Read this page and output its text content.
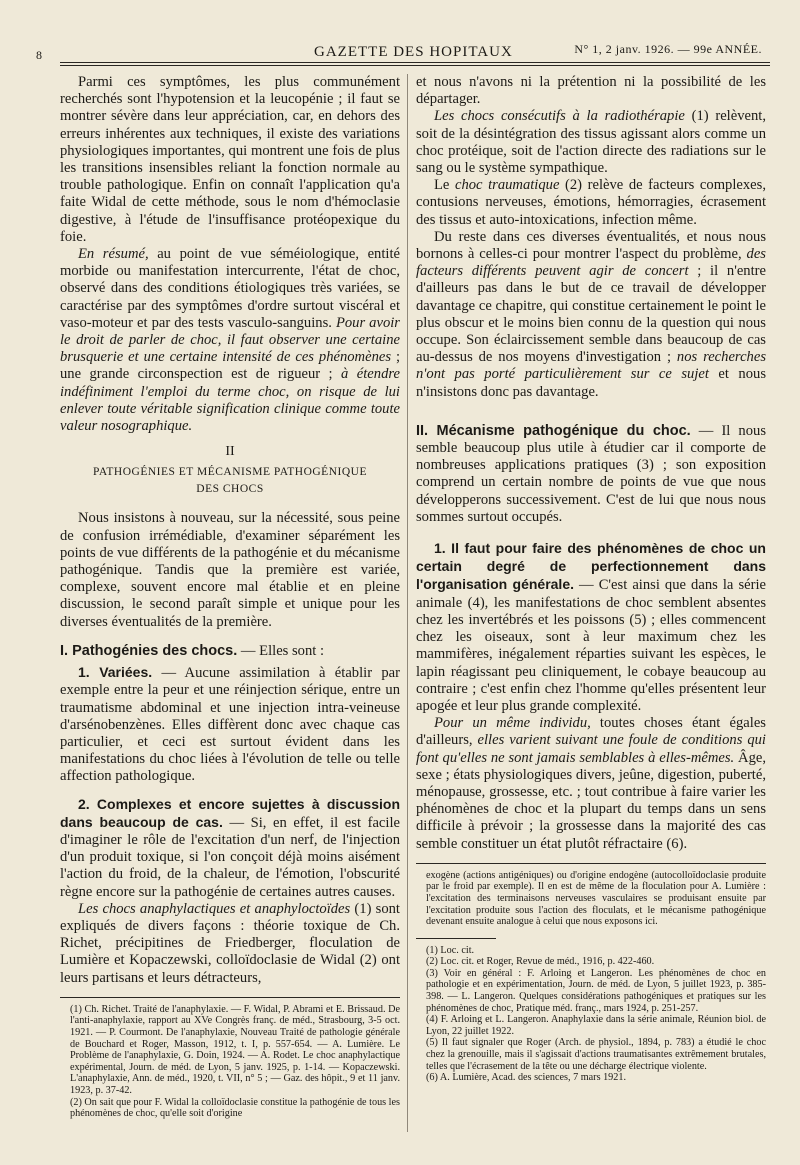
8	GAZETTE DES HOPITAUX	N° 1, 2 janv. 1926. — 99e ANNÉE.

Parmi ces symptômes, les plus communément recherchés sont l'hypotension et la leucopénie ; il faut se montrer sévère dans leur appréciation, car, en dehors des erreurs inhérentes aux techniques, il existe des variations physiologiques importantes, qui montrent une fois de plus les transitions insensibles reliant la fonction normale au trouble pathologique. Enfin on connaît l'application qu'a faite Widal de cette méthode, sous le nom d'hémoclasie digestive, à l'étude de l'insuffisance protéopexique du foie.

En résumé, au point de vue séméiologique, entité morbide ou manifestation intercurrente, l'état de choc, observé dans des conditions étiologiques très variées, se caractérise par des symptômes d'ordre surtout viscéral et vaso-moteur et par des tests vasculo-sanguins. Pour avoir le droit de parler de choc, il faut observer une certaine brusquerie et une certaine intensité de ces phénomènes ; une grande circonspection est de rigueur ; à étendre indéfiniment l'emploi du terme choc, on risque de lui enlever toute véritable signification clinique comme toute valeur nosographique.

II

PATHOGÉNIES ET MÉCANISME PATHOGÉNIQUE
DES CHOCS

Nous insistons à nouveau, sur la nécessité, sous peine de confusion irrémédiable, d'examiner séparément les points de vue différents de la pathogénie et du mécanisme pathogénique. Tandis que la première est variée, complexe, souvent encore mal établie et en pleine discussion, le second paraît simple et unique pour les diverses éventualités de la première.

I. Pathogénies des chocs. — Elles sont :

1. Variées. — Aucune assimilation à établir par exemple entre la peur et une réinjection sérique, entre un traumatisme abdominal et une injection intra-veineuse d'arsénobenzènes. Elles diffèrent donc avec chaque cas particulier, et ceci est surtout évident dans les manifestations du choc liées à l'évolution de telle ou telle affection pathologique.

2. Complexes et encore sujettes à discussion dans beaucoup de cas. — Si, en effet, il est facile d'imaginer le rôle de l'excitation d'un nerf, de l'injection d'un produit toxique, si l'on conçoit déjà moins aisément l'action du froid, de la chaleur, de l'émotion, l'obscurité règne encore sur la pathogénie de certaines autres causes.

Les chocs anaphylactiques et anaphyloctoïdes (1) sont expliqués de divers façons : théorie toxique de Ch. Richet, précipitines de Friedberger, floculation de Lumière et Kopaczewski, colloïdoclasie de Widal (2) ont leurs partisans et leurs détracteurs,

(1) Ch. Richet. Traité de l'anaphylaxie. — F. Widal, P. Abrami et E. Brissaud. De l'anti-anaphylaxie, rapport au XVe Congrès franç. de méd., Strasbourg, 3-5 oct. 1921. — P. Courmont. De l'anaphylaxie, Nouveau Traité de pathologie générale de Bouchard et Roger, Masson, 1912, t. I, p. 557-654. — A. Lumière. Le Problème de l'anaphylaxie, G. Doin, 1924. — A. Rodet. Le choc anaphylactique expérimental, Journ. de méd. de Lyon, 5 janv. 1925, p. 1-14. — Kopaczewski. L'anaphylaxie, Ann. de méd., 1920, t. VII, n° 5 ; — Gaz. des hôpit., 9 et 11 janv. 1923, p. 37-42.

(2) On sait que pour F. Widal la colloïdoclasie constitue la pathogénie de tous les phénomènes de choc, qu'elle soit d'origine

et nous n'avons ni la prétention ni la possibilité de les départager.

Les chocs consécutifs à la radiothérapie (1) relèvent, soit de la désintégration des tissus agissant alors comme un choc protéique, soit de l'action directe des radiations sur le sang ou le système sympathique.

Le choc traumatique (2) relève de facteurs complexes, contusions nerveuses, émotions, hémorragies, écrasement des tissus et auto-intoxications, infection même.

Du reste dans ces diverses éventualités, et nous nous bornons à celles-ci pour montrer l'aspect du problème, des facteurs différents peuvent agir de concert ; il n'entre d'ailleurs pas dans le but de ce travail de développer davantage ce chapitre, qui constitue certainement le point le plus obscur et le moins bien connu de la question qui nous occupe. Son éclaircissement semble dans beaucoup de cas au-dessus de nos moyens d'investigation ; nos recherches n'ont pas porté particulièrement sur ce sujet et nous n'insistons donc pas davantage.

II. Mécanisme pathogénique du choc. — Il nous semble beaucoup plus utile à étudier car il comporte de nombreuses applications pratiques (3) ; son exposition comprend un certain nombre de points de vue que nous développerons successivement. C'est de lui que nous nous sommes surtout occupés.

1. Il faut pour faire des phénomènes de choc un certain degré de perfectionnement dans l'organisation générale. — C'est ainsi que dans la série animale (4), les manifestations de choc semblent absentes chez les invertébrés et les poissons (5) ; elles commencent chez les oiseaux, sont à leur maximum chez les mammifères, inégalement réparties suivant les espèces, le lapin réagissant peu cliniquement, le cobaye beaucoup au contraire ; c'est enfin chez l'homme qu'elles présentent leur apogée et leur plus grande complexité.

Pour un même individu, toutes choses étant égales d'ailleurs, elles varient suivant une foule de conditions qui font qu'elles ne sont jamais semblables à elles-mêmes. Âge, sexe ; états physiologiques divers, jeûne, digestion, puberté, ménopause, grossesse, etc. ; tout contribue à faire varier les phénomènes de choc et la plupart du temps dans un sens difficile à prévoir ; la grossesse dans la majorité des cas semble constituer un état plutôt réfractaire (6).

exogène (actions antigéniques) ou d'origine endogène (autocolloïdoclasie produite par le froid par exemple). Il en est de même de la floculation pour A. Lumière : l'excitation des terminaisons nerveuses vasculaires se produisant ensuite par l'excitation produite sous l'action des floculats, et le mécanisme pathogénique devenant ensuite analogue à celui que nous exposons ici.

(1) Loc. cit.

(2) Loc. cit. et Roger, Revue de méd., 1916, p. 422-460.

(3) Voir en général : F. Arloing et Langeron. Les phénomènes de choc en pathologie et en expérimentation, Journ. de méd. de Lyon, 5 juillet 1923, p. 385-398. — L. Langeron. Quelques considérations pathogéniques et pratiques sur les phénomènes de choc, Pratique méd. franç., mars 1924, p. 251-257.

(4) F. Arloing et L. Langeron. Anaphylaxie dans la série animale, Réunion biol. de Lyon, 22 juillet 1922.

(5) Il faut signaler que Roger (Arch. de physiol., 1894, p. 783) a étudié le choc chez la grenouille, mais il s'agissait d'actions traumatisantes extrêmement brutales, telles que l'écrasement de la tête ou une décharge électrique violente.

(6) A. Lumière, Acad. des sciences, 7 mars 1921.
